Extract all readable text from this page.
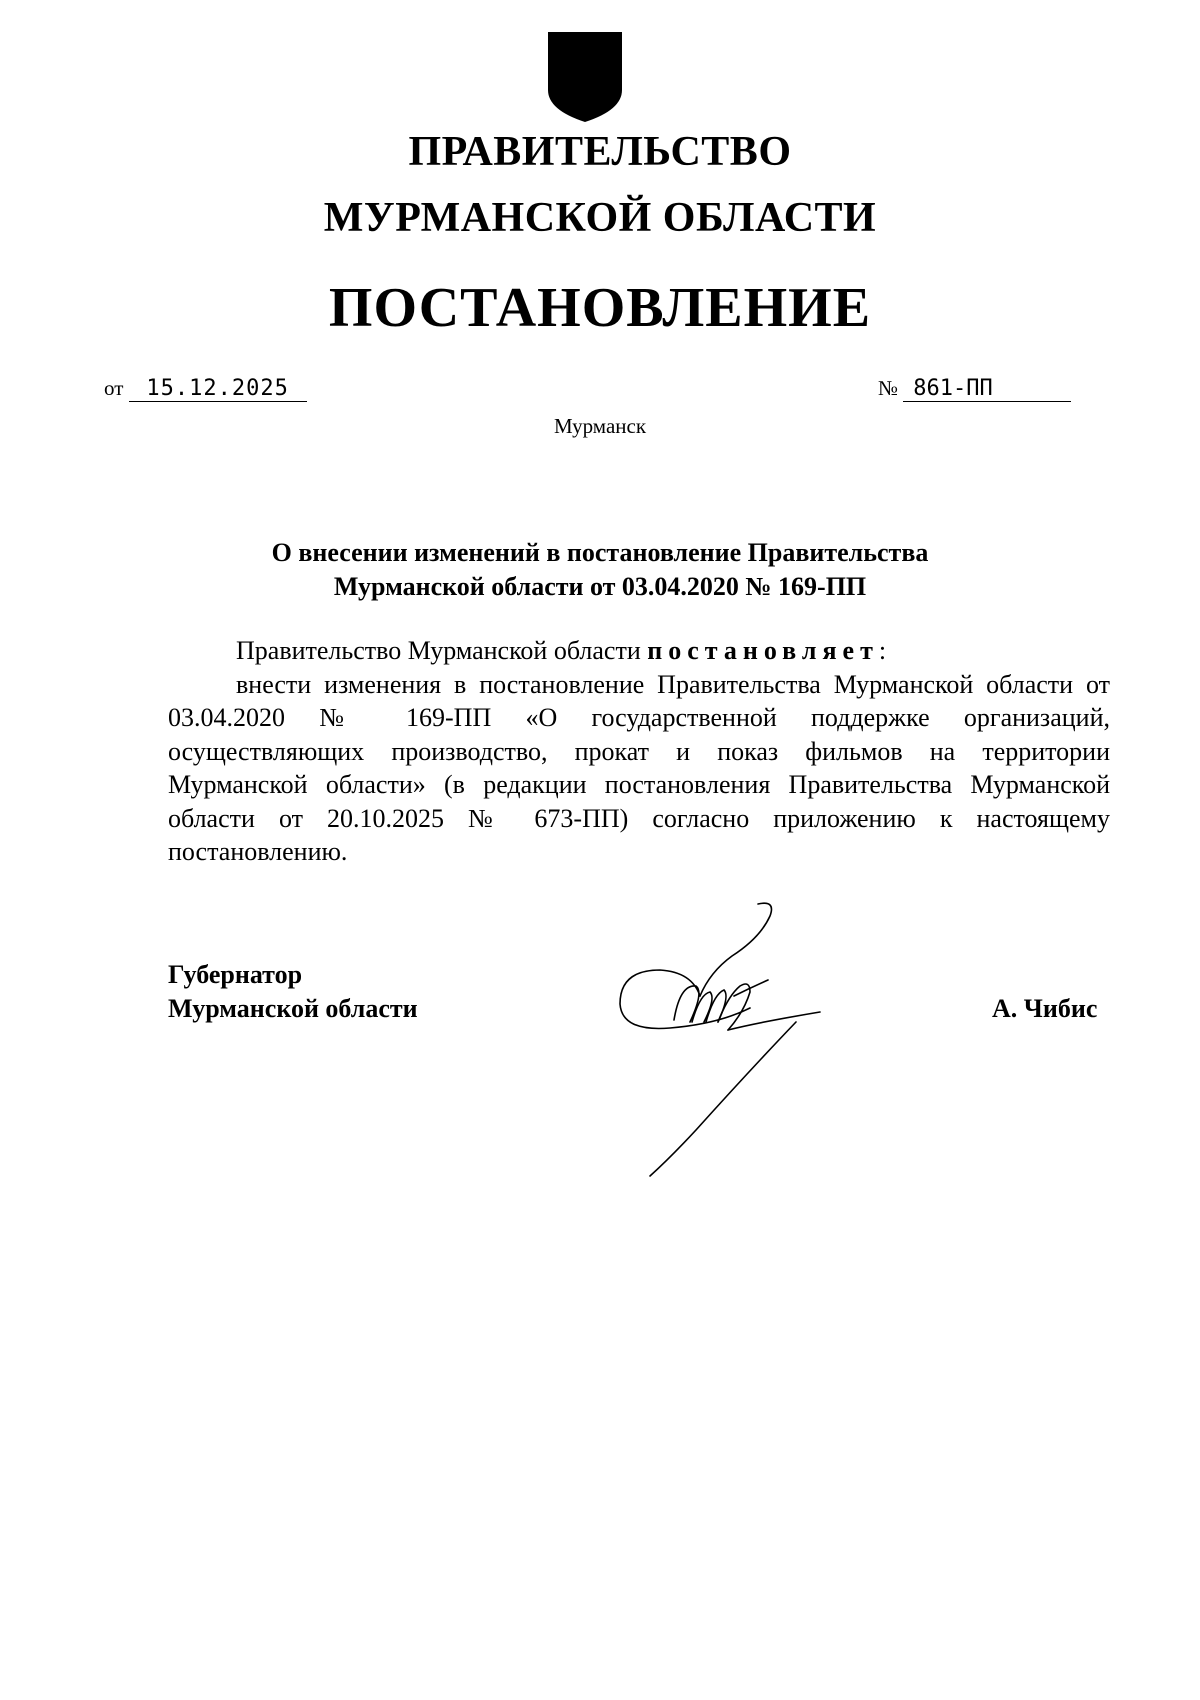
ПРАВИТЕЛЬСТВО
МУРМАНСКОЙ ОБЛАСТИ
ПОСТАНОВЛЕНИЕ
от 15.12.2025	№ 861-ПП
Мурманск
О внесении изменений в постановление Правительства
Мурманской области от 03.04.2020 № 169-ПП

Правительство Мурманской области постановляет:

внести изменения в постановление Правительства Мурманской области от 03.04.2020 № 169-ПП «О государственной поддержке организаций, осуществляющих производство, прокат и показ фильмов на территории Мурманской области» (в редакции постановления Правительства Мурманской области от 20.10.2025 № 673-ПП) согласно приложению к настоящему постановлению.

Губернатор
Мурманской области	А. Чибис
